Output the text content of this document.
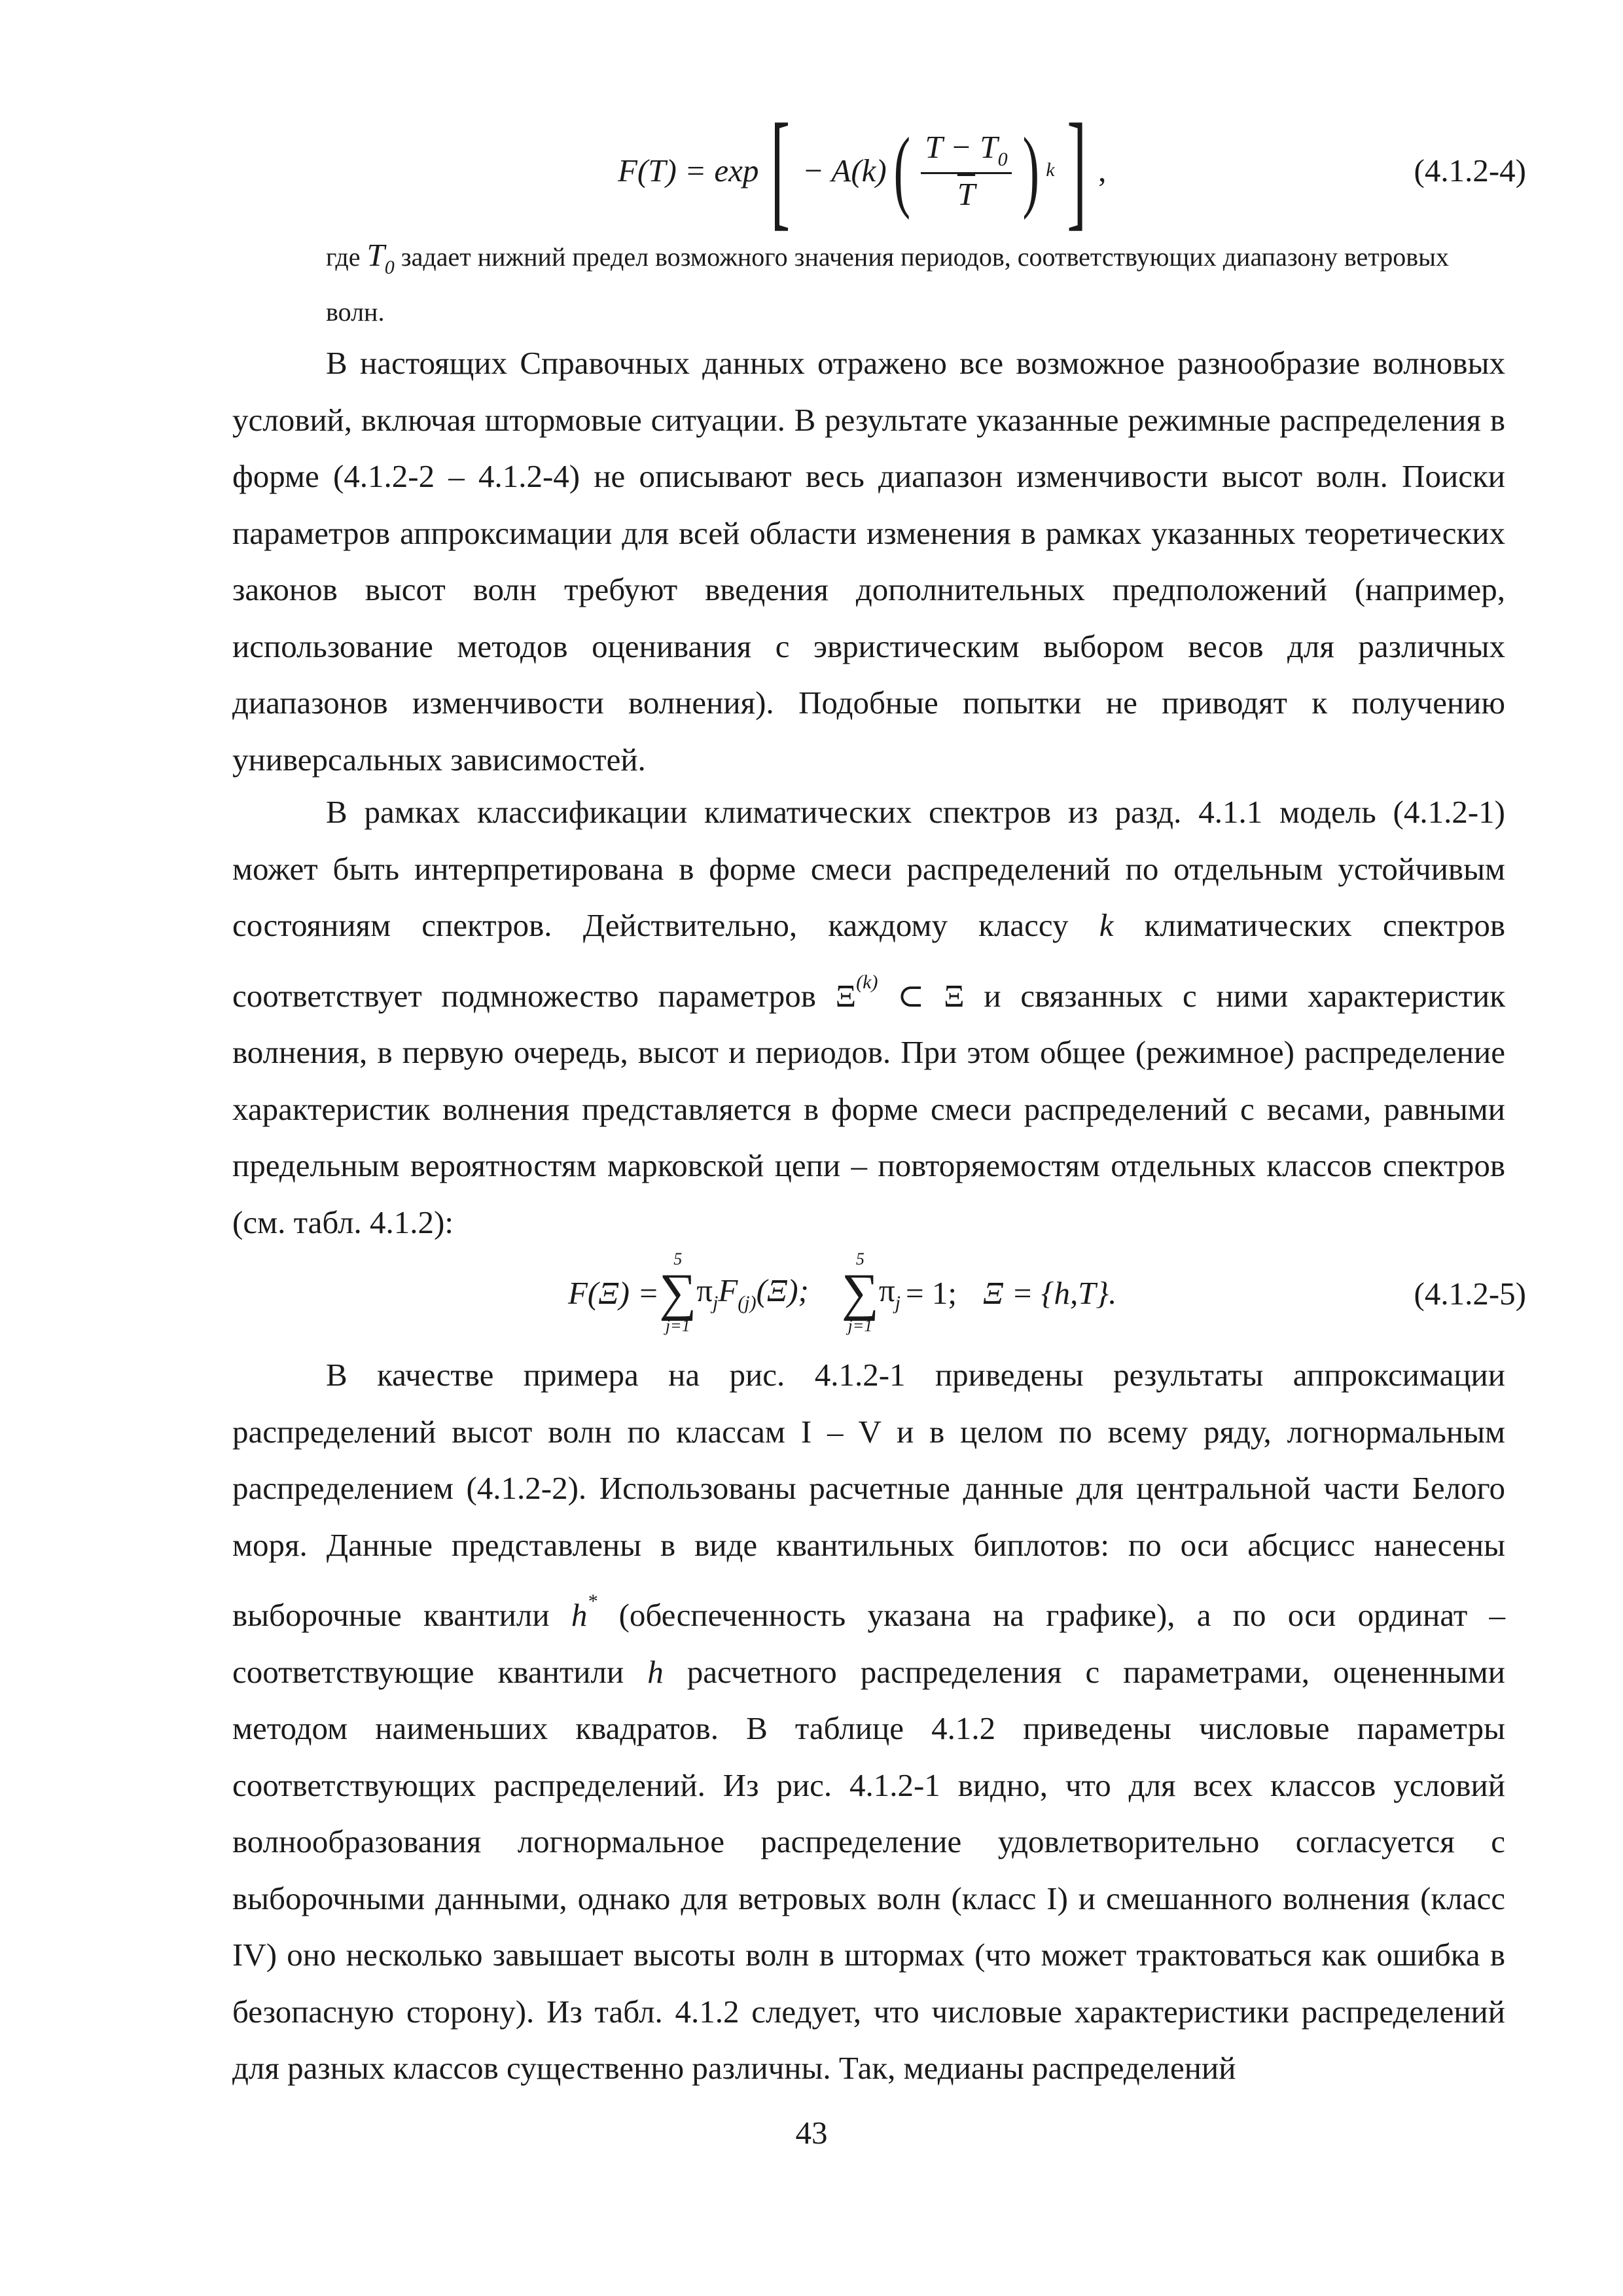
F(T) = exp [ − A(k) ( $\frac{T - T_0}{T}$ ) k ] ,	(4.1.2-4)
где $T_0$ задает нижний предел возможного значения периодов, соответствующих диапазону ветровых волн.

В настоящих Справочных данных отражено все возможное разнообразие волновых условий, включая штормовые ситуации. В результате указанные режимные распределения в форме (4.1.2-2 – 4.1.2-4) не описывают весь диапазон изменчивости высот волн. Поиски параметров аппроксимации для всей области изменения в рамках указанных теоретических законов высот волн требуют введения дополнительных предположений (например, использование методов оценивания с эвристическим выбором весов для различных диапазонов изменчивости волнения). Подобные попытки не приводят к получению универсальных зависимостей.

В рамках классификации климатических спектров из разд. 4.1.1 модель (4.1.2-1) может быть интерпретирована в форме смеси распределений по отдельным устойчивым состояниям спектров. Действительно, каждому классу k климатических спектров соответствует подмножество параметров $\Xi^{(k)}$ ⊂ Ξ и связанных с ними характеристик волнения, в первую очередь, высот и периодов. При этом общее (режимное) распределение характеристик волнения представляется в форме смеси распределений с весами, равными предельным вероятностям марковской цепи – повторяемостям отдельных классов спектров (см. табл. 4.1.2):

F(Ξ) =
5
∑
j=1
$\pi_j$ $F_{(j)}(\Xi)$;
5
∑
j=1
$\pi_j = 1$; Ξ = {h,T}.	(4.1.2-5)

В качестве примера на рис. 4.1.2-1 приведены результаты аппроксимации распределений высот волн по классам I – V и в целом по всему ряду, логнормальным распределением (4.1.2-2). Использованы расчетные данные для центральной части Белого моря. Данные представлены в виде квантильных биплотов: по оси абсцисс нанесены выборочные квантили h* (обеспеченность указана на графике), а по оси ординат – соответствующие квантили h расчетного распределения с параметрами, оцененными методом наименьших квадратов. В таблице 4.1.2 приведены числовые параметры соответствующих распределений. Из рис. 4.1.2-1 видно, что для всех классов условий волнообразования логнормальное распределение удовлетворительно согласуется с выборочными данными, однако для ветровых волн (класс I) и смешанного волнения (класс IV) оно несколько завышает высоты волн в штормах (что может трактоваться как ошибка в безопасную сторону). Из табл. 4.1.2 следует, что числовые характеристики распределений для разных классов существенно различны. Так, медианы распределений

43
